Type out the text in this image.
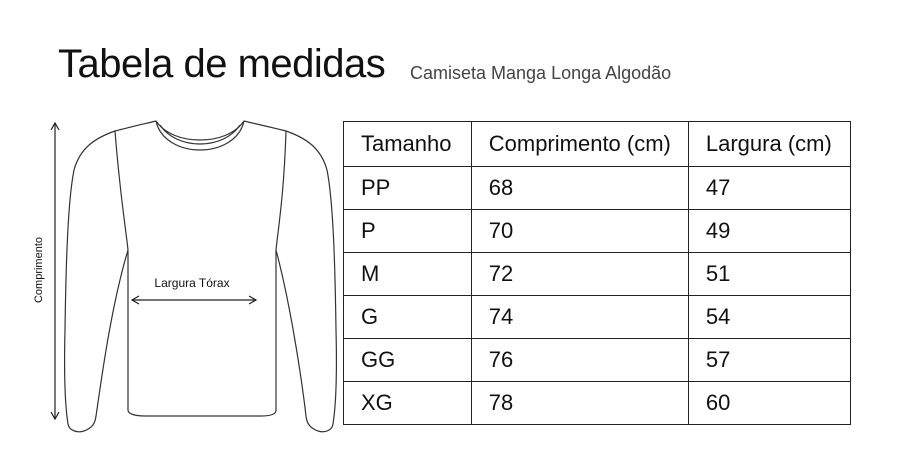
Tabela de medidas Camiseta Manga Longa Algodão
Comprimento	Largura Tórax
Tamanho	Comprimento (cm)	Largura (cm)
PP	68	47
P	70	49
M	72	51
G	74	54
GG	76	57
XG	78	60
